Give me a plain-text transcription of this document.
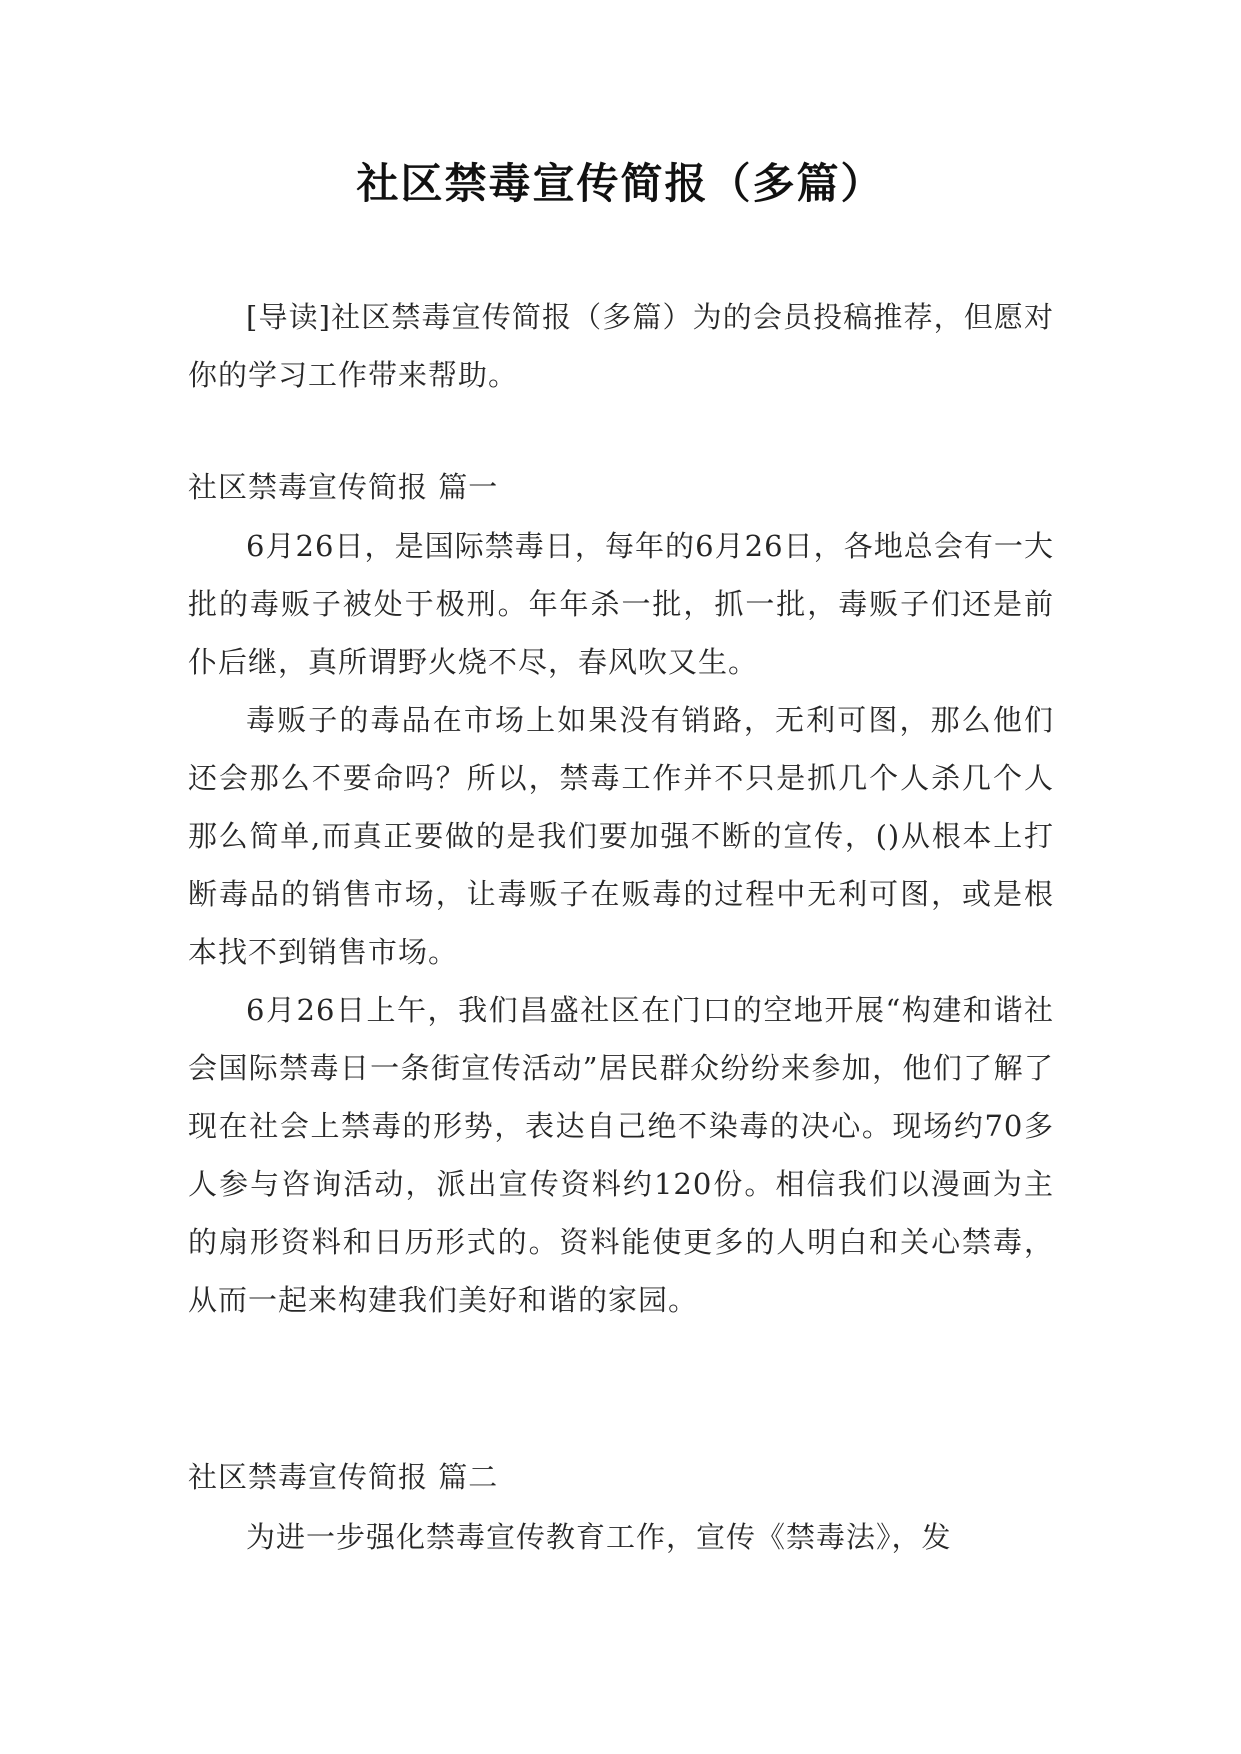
社区禁毒宣传简报（多篇）

[导读]社区禁毒宣传简报（多篇）为的会员投稿推荐，但愿对你的学习工作带来帮助。

社区禁毒宣传简报 篇一

6月26日，是国际禁毒日，每年的6月26日，各地总会有一大批的毒贩子被处于极刑。年年杀一批，抓一批，毒贩子们还是前仆后继，真所谓野火烧不尽，春风吹又生。

毒贩子的毒品在市场上如果没有销路，无利可图，那么他们还会那么不要命吗？所以，禁毒工作并不只是抓几个人杀几个人那么简单,而真正要做的是我们要加强不断的宣传，()从根本上打断毒品的销售市场，让毒贩子在贩毒的过程中无利可图，或是根本找不到销售市场。

6月26日上午，我们昌盛社区在门口的空地开展“构建和谐社会国际禁毒日一条街宣传活动”居民群众纷纷来参加，他们了解了现在社会上禁毒的形势，表达自己绝不染毒的决心。现场约70多人参与咨询活动，派出宣传资料约120份。相信我们以漫画为主的扇形资料和日历形式的。资料能使更多的人明白和关心禁毒，从而一起来构建我们美好和谐的家园。

社区禁毒宣传简报 篇二

为进一步强化禁毒宣传教育工作，宣传《禁毒法》，发
